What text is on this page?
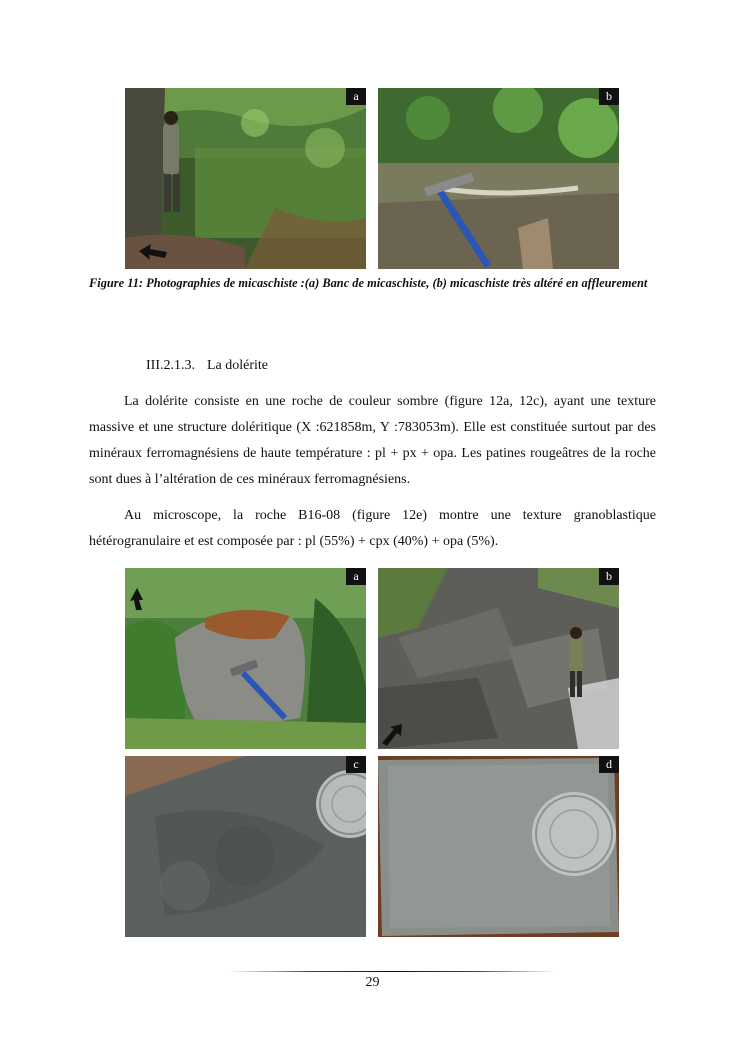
a	b
Figure 11: Photographies de micaschiste :(a) Banc de micaschiste, (b) micaschiste très altéré en affleurement
III.2.1.3. La dolérite

La dolérite consiste en une roche de couleur sombre (figure 12a, 12c), ayant une texture massive et une structure doléritique (X :621858m, Y :783053m). Elle est constituée surtout par des minéraux ferromagnésiens de haute température : pl + px + opa. Les patines rougeâtres de la roche sont dues à l’altération de ces minéraux ferromagnésiens.

Au microscope, la roche B16-08 (figure 12e) montre une texture granoblastique hétérogranulaire et est composée par : pl (55%) + cpx (40%) + opa (5%).

a	b
c	d
29
